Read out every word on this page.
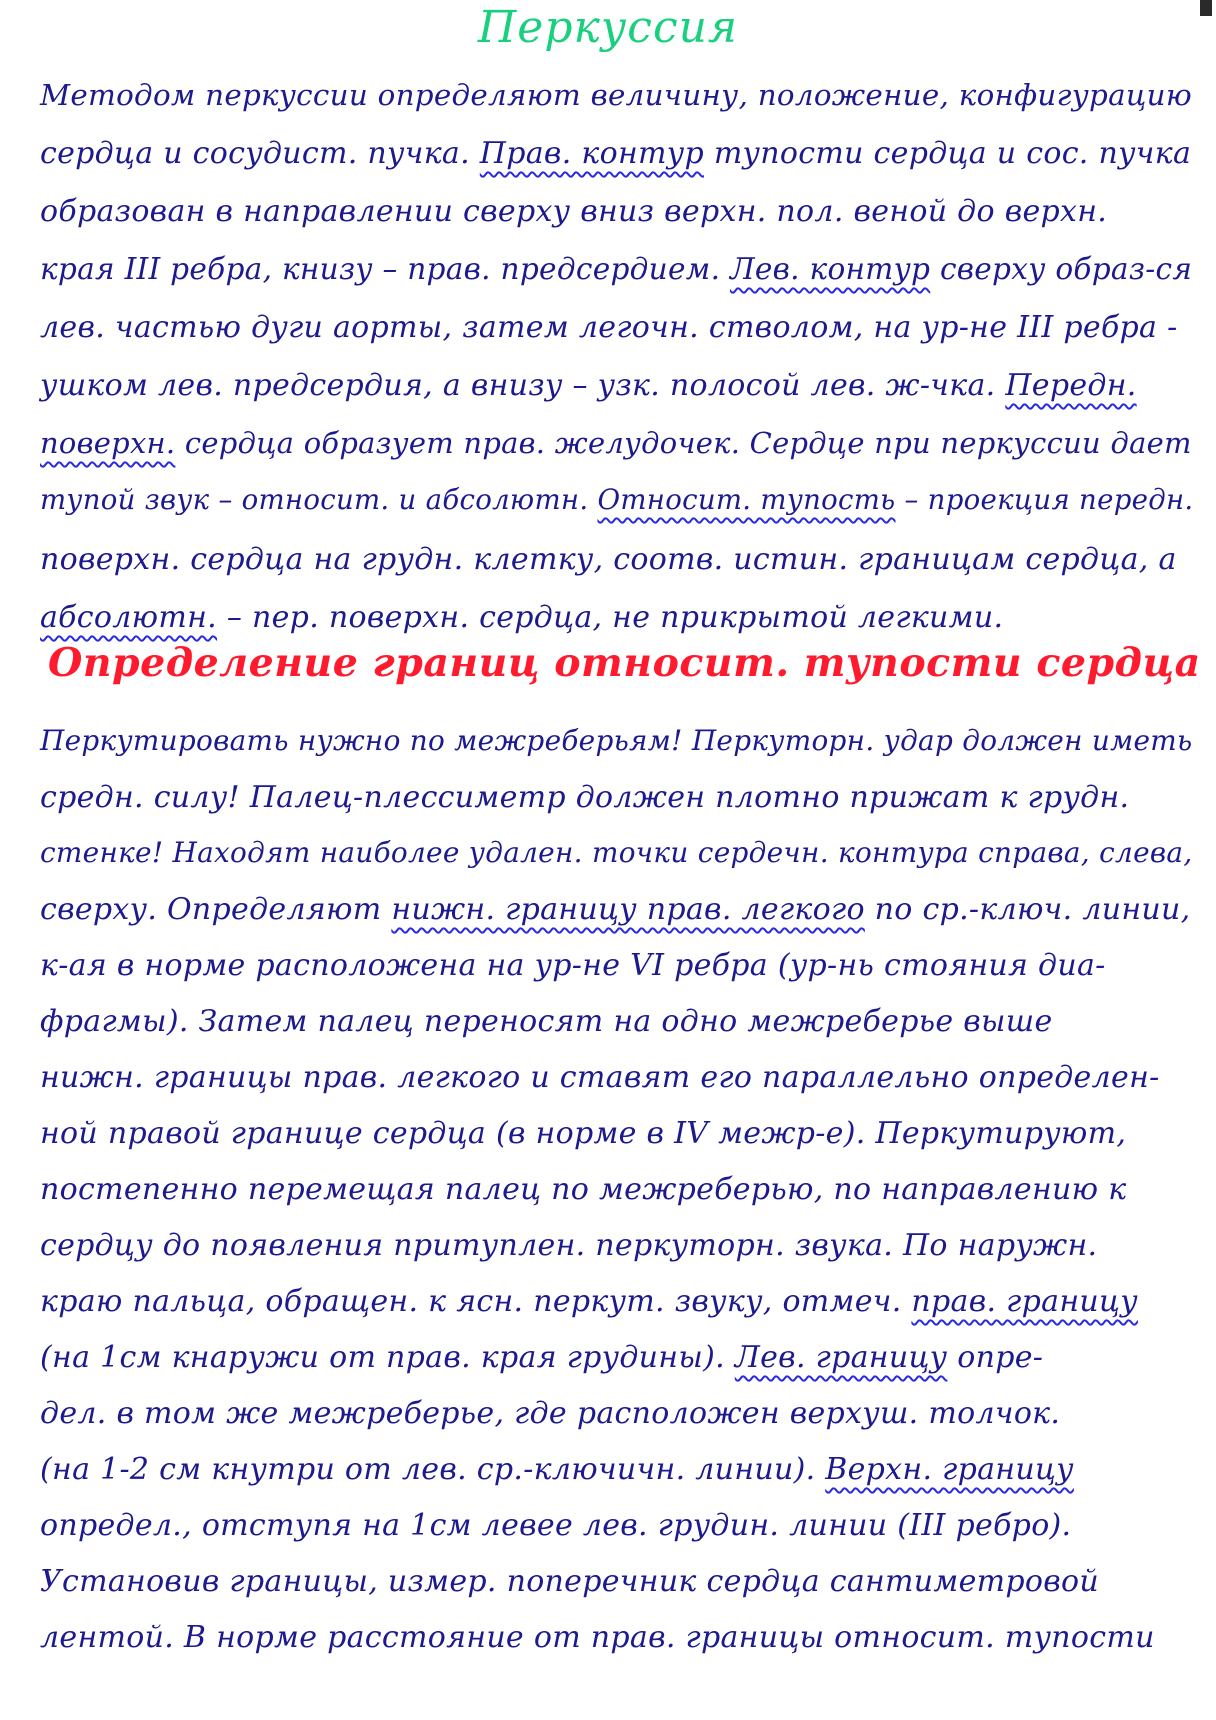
Перкуссия
Методом перкуссии определяют величину, положение, конфигурацию
сердца и сосудист. пучка. Прав. контур тупости сердца и сос. пучка
образован в направлении сверху вниз верхн. пол. веной до верхн.
края III ребра, книзу – прав. предсердием. Лев. контур сверху образ-ся
лев. частью дуги аорты, затем легочн. стволом, на ур-не III ребра -
ушком лев. предсердия, а внизу – узк. полосой лев. ж-чка. Передн.
поверхн. сердца образует прав. желудочек. Сердце при перкуссии дает
тупой звук – относит. и абсолютн. Относит. тупость – проекция передн.
поверхн. сердца на грудн. клетку, соотв. истин. границам сердца, а
абсолютн. – пер. поверхн. сердца, не прикрытой легкими.
Определение границ относит. тупости сердца
Перкутировать нужно по межреберьям! Перкуторн. удар должен иметь
средн. силу! Палец-плессиметр должен плотно прижат к грудн.
стенке! Находят наиболее удален. точки сердечн. контура справа, слева,
сверху. Определяют нижн. границу прав. легкого по ср.-ключ. линии,
к-ая в норме расположена на ур-не VI ребра (ур-нь стояния диа-
фрагмы). Затем палец переносят на одно межреберье выше
нижн. границы прав. легкого и ставят его параллельно определен-
ной правой границе сердца (в норме в IV межр-е). Перкутируют,
постепенно перемещая палец по межреберью, по направлению к
сердцу до появления притуплен. перкуторн. звука. По наружн.
краю пальца, обращен. к ясн. перкут. звуку, отмеч. прав. границу
(на 1см кнаружи от прав. края грудины). Лев. границу опре-
дел. в том же межреберье, где расположен верхуш. толчок.
(на 1-2 см кнутри от лев. ср.-ключичн. линии). Верхн. границу
определ., отступя на 1см левее лев. грудин. линии (III ребро).
Установив границы, измер. поперечник сердца сантиметровой
лентой. В норме расстояние от прав. границы относит. тупости
